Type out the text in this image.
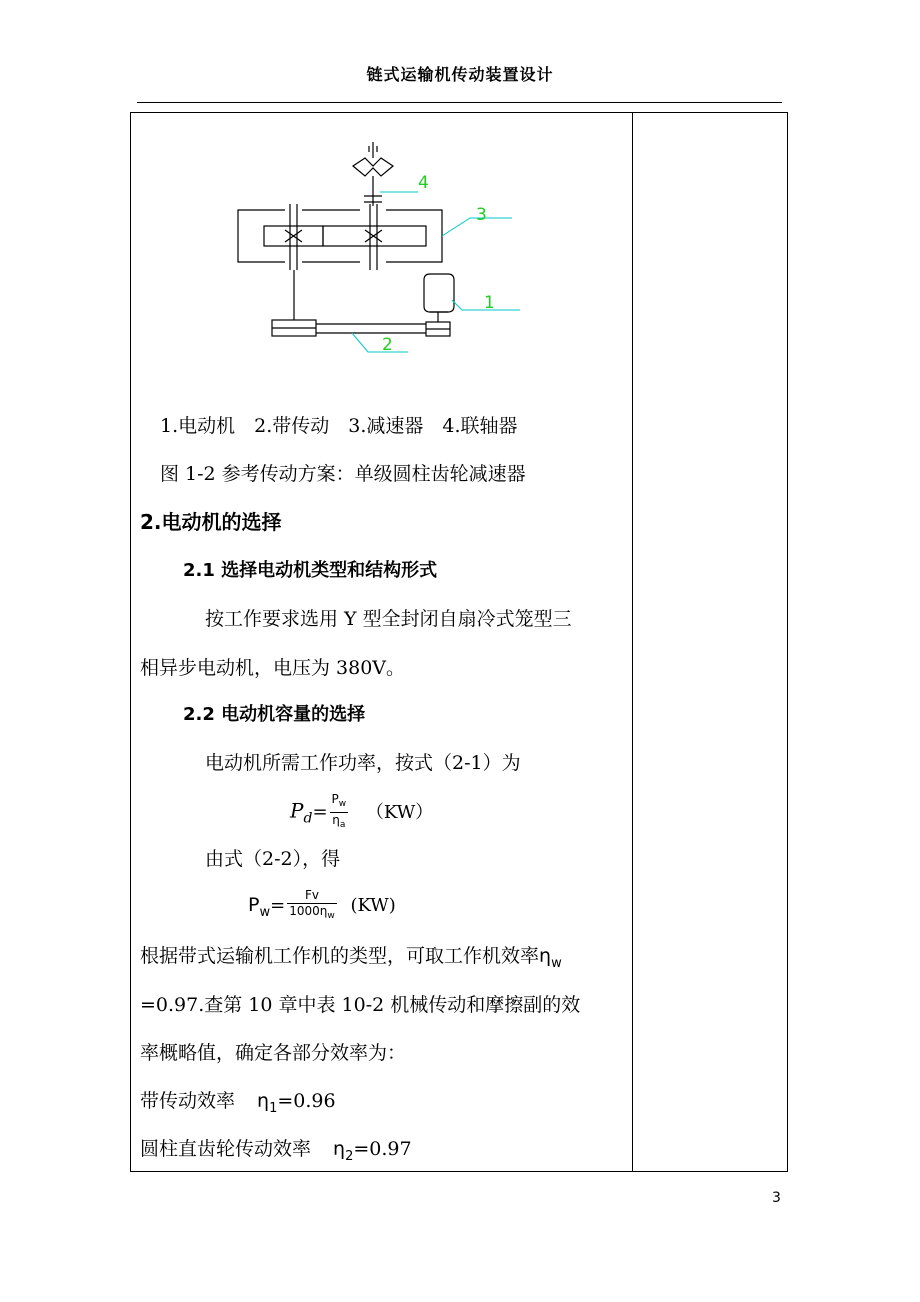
链式运输机传动装置设计
4
3
1
2
1.电动机　2.带传动　3.减速器　4.联轴器
图 1-2 参考传动方案：单级圆柱齿轮减速器
2.电动机的选择
2.1 选择电动机类型和结构形式
按工作要求选用 Y 型全封闭自扇冷式笼型三
相异步电动机，电压为 380V。
2.2 电动机容量的选择
电动机所需工作功率，按式（2-1）为
$P_d= \frac{P_w}{\eta_a} (KW)$
由式（2-2），得
$P_w= \frac{Fv}{1000\eta_w} (KW)$
根据带式运输机工作机的类型，可取工作机效率$\eta_w$
=0.97.查第 10 章中表 10-2 机械传动和摩擦副的效
率概略值，确定各部分效率为：
带传动效率 $\eta_1=0.96$
圆柱直齿轮传动效率 $\eta_2=0.97$
3
